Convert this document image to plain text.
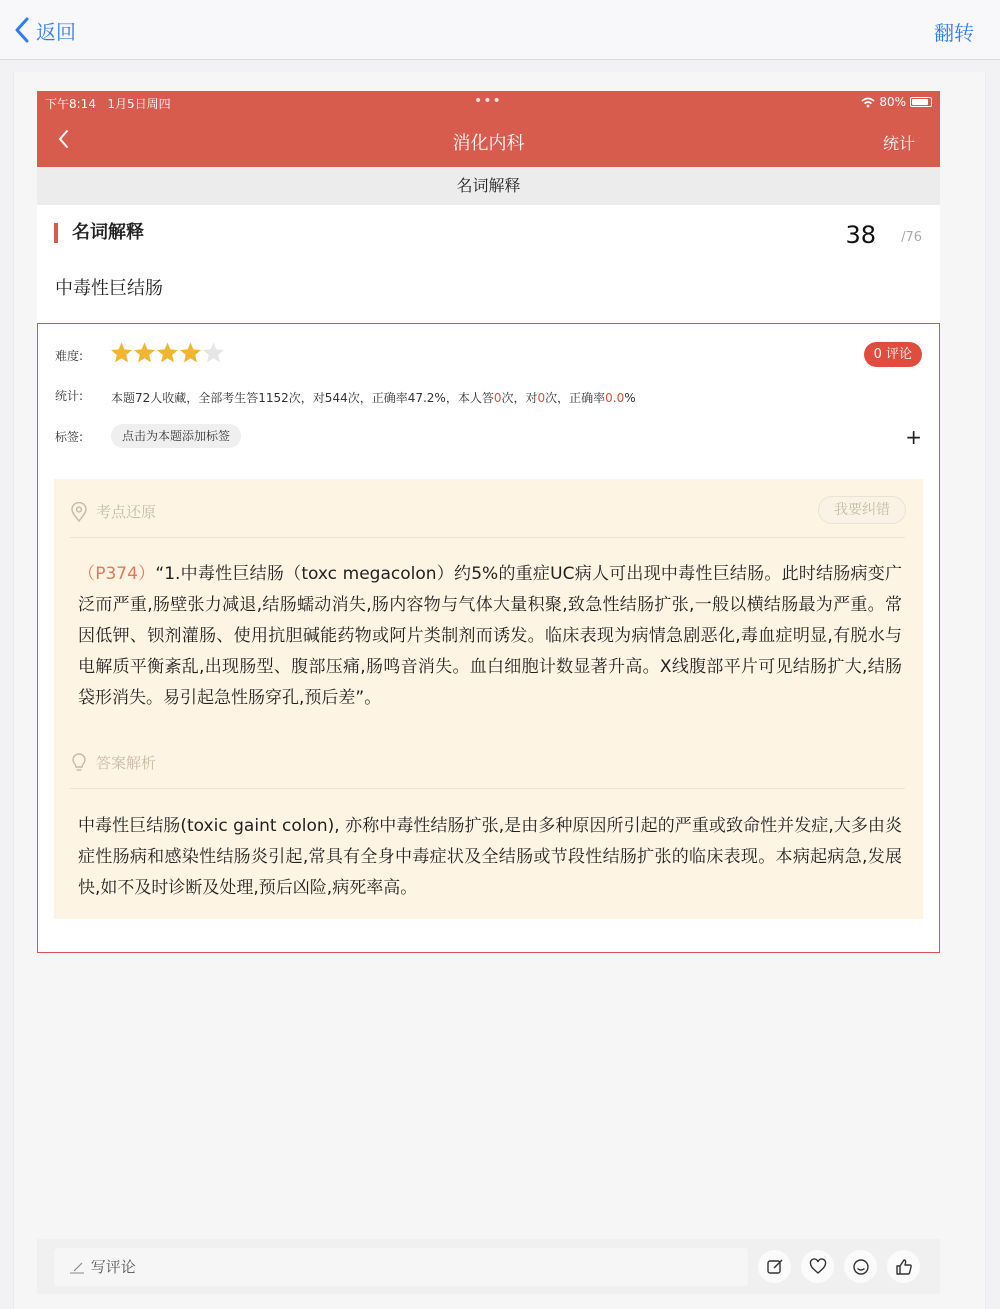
返回	翻转
下午8:14 1月5日周四	•••	80%
消化内科	统计
名词解释
名词解释	38 /76
中毒性巨结肠
难度:	0 评论
统计: 本题72人收藏，全部考生答1152次，对544次，正确率47.2%，本人答0次，对0次，正确率0.0%
标签:	点击为本题添加标签	+
考点还原	我要纠错
（P374）“1.中毒性巨结肠（toxc megacolon）约5%的重症UC病人可出现中毒性巨结肠。此时结肠病变广泛而严重,肠壁张力减退,结肠蠕动消失,肠内容物与气体大量积聚,致急性结肠扩张,一般以横结肠最为严重。常因低钾、钡剂灌肠、使用抗胆碱能药物或阿片类制剂而诱发。临床表现为病情急剧恶化,毒血症明显,有脱水与电解质平衡紊乱,出现肠型、腹部压痛,肠鸣音消失。血白细胞计数显著升高。X线腹部平片可见结肠扩大,结肠袋形消失。易引起急性肠穿孔,预后差”。
答案解析
中毒性巨结肠(toxic gaint colon), 亦称中毒性结肠扩张,是由多种原因所引起的严重或致命性并发症,大多由炎症性肠病和感染性结肠炎引起,常具有全身中毒症状及全结肠或节段性结肠扩张的临床表现。本病起病急,发展快,如不及时诊断及处理,预后凶险,病死率高。
写评论
